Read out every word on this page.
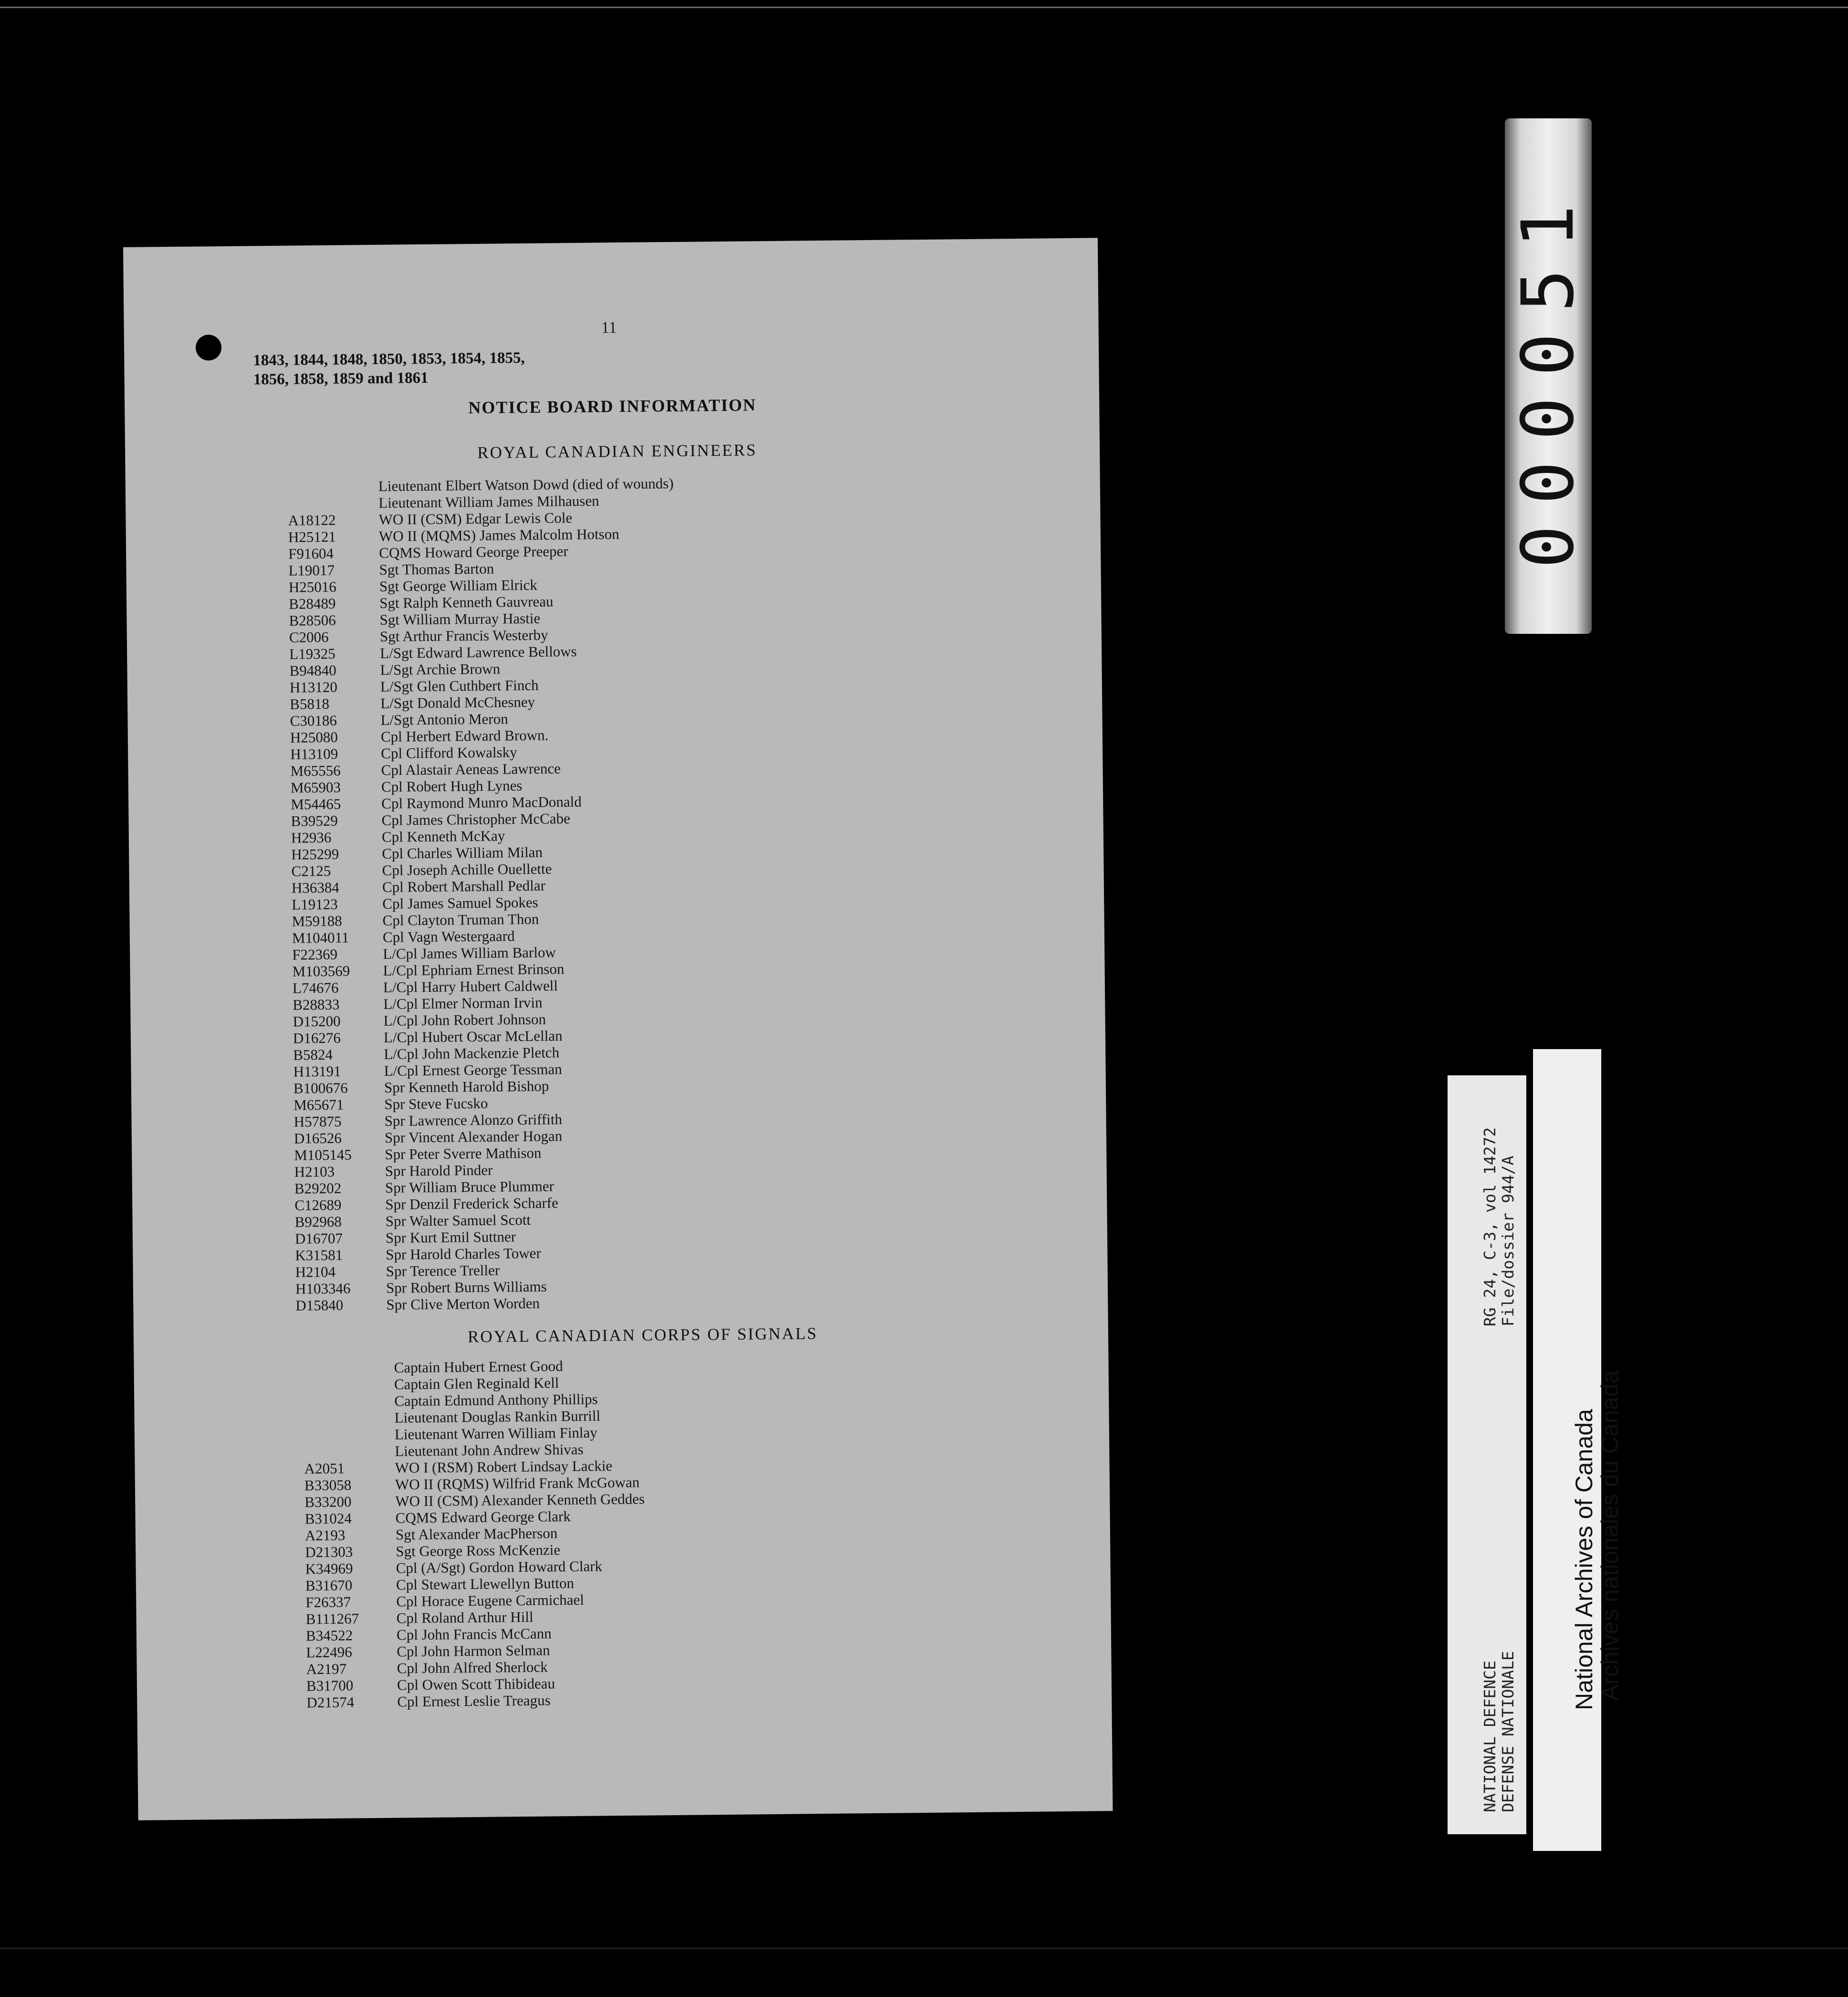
11
1843, 1844, 1848, 1850, 1853, 1854, 1855,
1856, 1858, 1859 and 1861
NOTICE BOARD INFORMATION
ROYAL CANADIAN ENGINEERS
Lieutenant Elbert Watson Dowd (died of wounds)
Lieutenant William James Milhausen
A18122	WO II (CSM) Edgar Lewis Cole
H25121	WO II (MQMS) James Malcolm Hotson
F91604	CQMS Howard George Preeper
L19017	Sgt Thomas Barton
H25016	Sgt George William Elrick
B28489	Sgt Ralph Kenneth Gauvreau
B28506	Sgt William Murray Hastie
C2006	Sgt Arthur Francis Westerby
L19325	L/Sgt Edward Lawrence Bellows
B94840	L/Sgt Archie Brown
H13120	L/Sgt Glen Cuthbert Finch
B5818	L/Sgt Donald McChesney
C30186	L/Sgt Antonio Meron
H25080	Cpl Herbert Edward Brown.
H13109	Cpl Clifford Kowalsky
M65556	Cpl Alastair Aeneas Lawrence
M65903	Cpl Robert Hugh Lynes
M54465	Cpl Raymond Munro MacDonald
B39529	Cpl James Christopher McCabe
H2936	Cpl Kenneth McKay
H25299	Cpl Charles William Milan
C2125	Cpl Joseph Achille Ouellette
H36384	Cpl Robert Marshall Pedlar
L19123	Cpl James Samuel Spokes
M59188	Cpl Clayton Truman Thon
M104011 Cpl Vagn Westergaard
F22369	L/Cpl James William Barlow
M103569 L/Cpl Ephriam Ernest Brinson
L74676	L/Cpl Harry Hubert Caldwell
B28833	L/Cpl Elmer Norman Irvin
D15200	L/Cpl John Robert Johnson
D16276	L/Cpl Hubert Oscar McLellan
B5824	L/Cpl John Mackenzie Pletch
H13191	L/Cpl Ernest George Tessman
B100676 Spr Kenneth Harold Bishop
M65671	Spr Steve Fucsko
H57875	Spr Lawrence Alonzo Griffith
D16526	Spr Vincent Alexander Hogan
M105145 Spr Peter Sverre Mathison
H2103	Spr Harold Pinder
B29202	Spr William Bruce Plummer
C12689	Spr Denzil Frederick Scharfe
B92968	Spr Walter Samuel Scott
D16707	Spr Kurt Emil Suttner
K31581	Spr Harold Charles Tower
H2104	Spr Terence Treller
H103346 Spr Robert Burns Williams
D15840	Spr Clive Merton Worden
ROYAL CANADIAN CORPS OF SIGNALS
Captain Hubert Ernest Good
Captain Glen Reginald Kell
Captain Edmund Anthony Phillips
Lieutenant Douglas Rankin Burrill
Lieutenant Warren William Finlay
Lieutenant John Andrew Shivas
A2051	WO I (RSM) Robert Lindsay Lackie
B33058	WO II (RQMS) Wilfrid Frank McGowan
B33200	WO II (CSM) Alexander Kenneth Geddes
B31024	CQMS Edward George Clark
A2193	Sgt Alexander MacPherson
D21303	Sgt George Ross McKenzie
K34969	Cpl (A/Sgt) Gordon Howard Clark
B31670	Cpl Stewart Llewellyn Button
F26337	Cpl Horace Eugene Carmichael
B111267	Cpl Roland Arthur Hill
B34522	Cpl John Francis McCann
L22496	Cpl John Harmon Selman
A2197	Cpl John Alfred Sherlock
B31700	Cpl Owen Scott Thibideau
D21574	Cpl Ernest Leslie Treagus
000051
NATIONAL DEFENCE DEFENSE NATIONALE
RG 24, C-3, vol 14272 File/dossier 944/A
National Archives of Canada
Archives nationales du Canada
